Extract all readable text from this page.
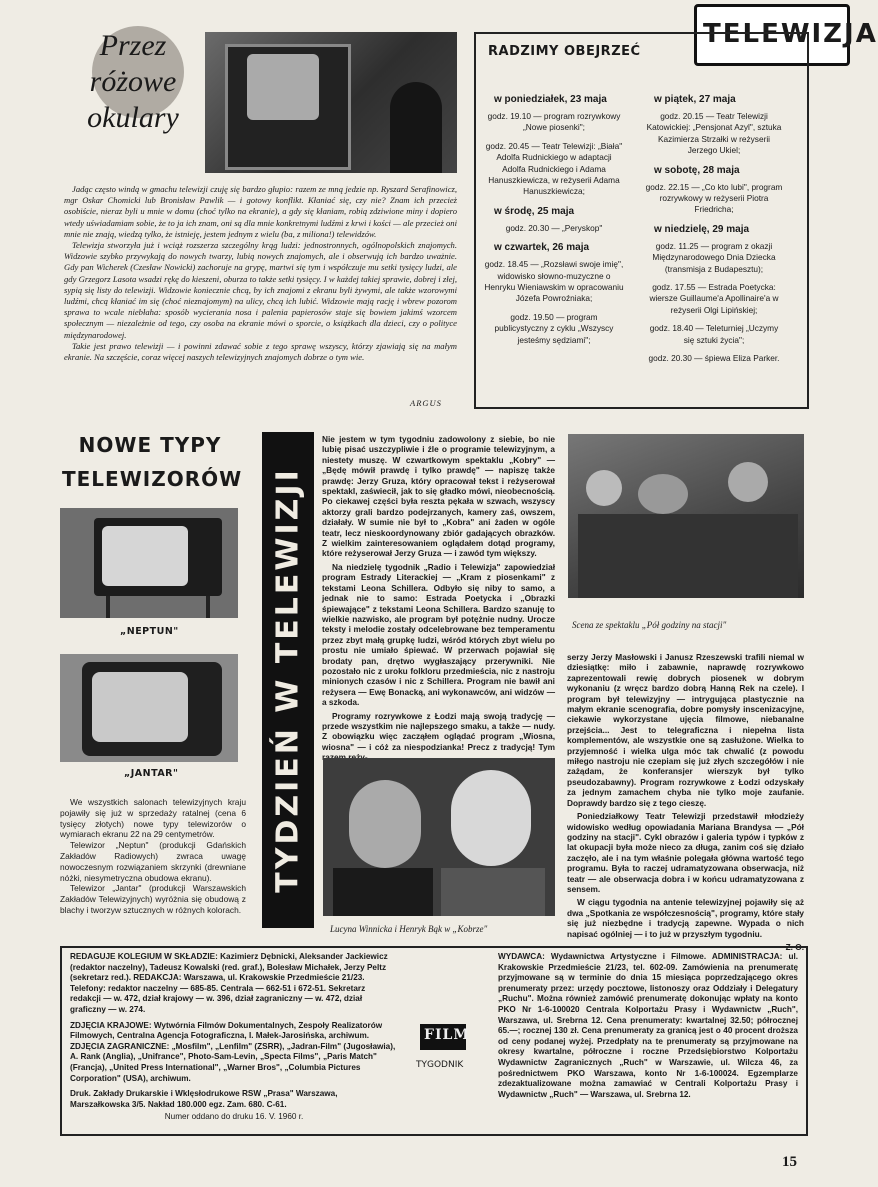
TELEWIZJA
Przez różowe okulary

Jadąc często windą w gmachu telewizji czuję się bardzo głupio: razem ze mną jedzie np. Ryszard Serafinowicz, mgr Oskar Chomicki lub Bronisław Pawlik — i gotowy konflikt. Kłaniać się, czy nie? Znam ich przecież osobiście, nieraz byli u mnie w domu (choć tylko na ekranie), a gdy się kłaniam, robią zdziwione miny i dopiero wtedy uświadamiam sobie, że to ja ich znam, oni są dla mnie konkretnymi ludźmi z krwi i kości — ale przecież oni mnie nie znają, wiedzą tylko, że istnieję, jestem jednym z wielu (ba, z miliona!) telewidzów.

Telewizja stworzyła już i wciąż rozszerza szczególny krąg ludzi: jednostronnych, ogólnopolskich znajomych. Widzowie szybko przywykają do nowych twarzy, lubią nowych znajomych, ale i obserwują ich bardzo uważnie. Gdy pan Wicherek (Czesław Nowicki) zachoruje na grypę, martwi się tym i współczuje mu setki tysięcy ludzi, ale gdy Grzegorz Lasota wsadzi rękę do kieszeni, oburza to także setki tysięcy. I w każdej takiej sprawie, dobrej i złej, sypią się listy do telewizji. Widzowie koniecznie chcą, by ich znajomi z ekranu byli żywymi, ale także wzorowymi ludźmi, chcą kłaniać im się (choć nieznajomym) na ulicy, chcą ich lubić. Widzowie mają rację i wbrew pozorom sprawa to wcale niebłaha: sposób wycierania nosa i palenia papierosów staje się bowiem jakimś wzorcem społecznym — niezależnie od tego, czy osoba na ekranie mówi o sporcie, o książkach dla dzieci, czy o polityce międzynarodowej.

Takie jest prawo telewizji — i powinni zdawać sobie z tego sprawę wszyscy, którzy zjawiają się na małym ekranie. Na szczęście, coraz więcej naszych telewizyjnych znajomych dobrze o tym wie.

ARGUS
RADZIMY OBEJRZEĆ
w poniedziałek, 23 maja
godz. 19.10 — program rozrywkowy „Nowe piosenki";
godz. 20.45 — Teatr Telewizji: „Biała" Adolfa Rudnickiego w adaptacji Adolfa Rudnickiego i Adama Hanuszkiewicza, w reżyserii Adama Hanuszkiewicza;
w środę, 25 maja
godz. 20.30 — „Peryskop"
w czwartek, 26 maja
godz. 18.45 — „Rozsławi swoje imię", widowisko słowno-muzyczne o Henryku Wieniawskim w opracowaniu Józefa Powroźniaka;
godz. 19.50 — program publicystyczny z cyklu „Wszyscy jesteśmy sędziami";
w piątek, 27 maja
godz. 20.15 — Teatr Telewizji Katowickiej: „Pensjonat Azyl", sztuka Kazimierza Strzałki w reżyserii Jerzego Ukiel;
w sobotę, 28 maja
godz. 22.15 — „Co kto lubi", program rozrywkowy w reżyserii Piotra Friedricha;
w niedzielę, 29 maja
godz. 11.25 — program z okazji Międzynarodowego Dnia Dziecka (transmisja z Budapesztu);
godz. 17.55 — Estrada Poetycka: wiersze Guillaume'a Apollinaire'a w reżyserii Olgi Lipińskiej;
godz. 18.40 — Teleturniej „Uczymy się sztuki życia";
godz. 20.30 — śpiewa Eliza Parker.
NOWE TYPY
TELEWIZORÓW
„NEPTUN"
„JANTAR"

We wszystkich salonach telewizyjnych kraju pojawiły się już w sprzedaży ratalnej (cena 6 tysięcy złotych) nowe typy telewizorów o wymiarach ekranu 22 na 29 centymetrów.

Telewizor „Neptun" (produkcji Gdańskich Zakładów Radiowych) zwraca uwagę nowoczesnym rozwiązaniem skrzynki (drewniane nóżki, niesymetryczna obudowa ekranu).

Telewizor „Jantar" (produkcji Warszawskich Zakładów Telewizyjnych) wyróżnia się obudową z blachy i tworzyw sztucznych w różnych kolorach.

TYDZIEŃ W TELEWIZJI

Nie jestem w tym tygodniu zadowolony z siebie, bo nie lubię pisać uszczypliwie i źle o programie telewizyjnym, a niestety muszę. W czwartkowym spektaklu „Kobry" — „Będę mówił prawdę i tylko prawdę" — napiszę także prawdę: Jerzy Gruza, który opracował tekst i reżyserował spektakl, zaświecił, jak to się gładko mówi, nieobecnością. Po ciekawej części była reszta pękała w szwach, wszyscy aktorzy grali bardzo podejrzanych, kamery zaś, owszem, działały. W sumie nie był to „Kobra" ani żaden w ogóle teatr, lecz nieskoordynowany zbiór gadających obrazków. Z wielkim zainteresowaniem oglądałem dotąd programy, które reżyserował Jerzy Gruza — i zawód tym większy.

Na niedzielę tygodnik „Radio i Telewizja" zapowiedział program Estrady Literackiej — „Kram z piosenkami" z tekstami Leona Schillera. Odbyło się niby to samo, a jednak nie to samo: Estrada Poetycka i „Obrazki śpiewające" z tekstami Leona Schillera. Bardzo szanuję to wielkie nazwisko, ale program był potężnie nudny. Urocze teksty i melodie zostały odcelebrowane bez temperamentu przez zbyt małą grupkę ludzi, wśród których zbyt wielu po prostu nie umiało śpiewać. W przerwach pojawiał się brodaty pan, drętwo wygłaszający przerywniki. Nie pozostało nic z uroku folkloru przedmieścia, nic z nastroju minionych czasów i nic z Schillera. Program nie bawił ani reżysera — Ewę Bonacką, ani wykonawców, ani widzów — a szkoda.

Programy rozrywkowe z Łodzi mają swoją tradycję — przede wszystkim nie najlepszego smaku, a także — nudy. Z obowiązku więc zacząłem oglądać program „Wiosna, wiosna" — i cóż za niespodzianka! Precz z tradycją! Tym

Scena ze spektaklu „Pół godziny na stacji"

serzy Jerzy Masłowski i Janusz Rzeszewski trafili niemal w dziesiątkę: miło i zabawnie, naprawdę rozrywkowo zaprezentowali rewię dobrych piosenek w dobrym wykonaniu (z wręcz bardzo dobrą Hanną Rek na czele). I program był telewizyjny — intrygująca plastycznie na małym ekranie scenografia, dobre pomysły inscenizacyjne, ciekawie wykorzystane ujęcia filmowe, niebanalne przejścia... Jest to telegraficzna i niepełna lista komplementów, ale wszystkie one są zasłużone. Wielka to przyjemność i wielka ulga móc tak chwalić (z powodu miłego nastroju nie czepiam się już złych szczegółów i nie zażądam, że konferansjer wierszyk był tylko pseudozabawny). Program rozrywkowe z Łodzi odzyskały za jednym zamachem chyba nie tylko moje zaufanie. Doprawdy bardzo się z tego cieszę.

Poniedziałkowy Teatr Telewizji przedstawił młodzieży widowisko według opowiadania Mariana Brandysa — „Pół godziny na stacji". Cykl obrazów i galeria typów i typków z lat okupacji była może nieco za długa, zanim coś się działo zaczęło, ale i na tym właśnie polegała główna wartość tego programu. Była to raczej udramatyzowana obserwacja, niż teatr — ale obserwacja dobra i w końcu udramatyzowana z sensem.

W ciągu tygodnia na antenie telewizyjnej pojawiły się aż dwa „Spotkania ze współczesnością", programy, które stały się już niezbędne i tradycją zapewne. Wypada o nich napisać ogólniej — i to już w przyszłym tygodniu.

Z. O.

Lucyna Winnicka i Henryk Bąk w „Kobrze"

REDAGUJE KOLEGIUM W SKŁADZIE: Kazimierz Dębnicki, Aleksander Jackiewicz (redaktor naczelny), Tadeusz Kowalski (red. graf.), Bolesław Michałek, Jerzy Peltz (sekretarz red.). REDAKCJA: Warszawa, ul. Krakowskie Przedmieście 21/23. Telefony: redaktor naczelny — 685-85. Centrala — 662-51 i 672-51. Sekretarz redakcji — w. 472, dział krajowy — w. 396, dział zagraniczny — w. 472, dział graficzny — w. 274.

ZDJĘCIA KRAJOWE: Wytwórnia Filmów Dokumentalnych, Zespoły Realizatorów Filmowych, Centralna Agencja Fotograficzna, I. Małek-Jarosińska, archiwum. ZDJĘCIA ZAGRANICZNE: „Mosfilm", „Lenfilm" (ZSRR), „Jadran-Film" (Jugosławia), A. Rank (Anglia), „Unifrance", Photo-Sam-Levin, „Specta Films", „Paris Match" (Francja), „United Press International", „Warner Bros", „Columbia Pictures Corporation" (USA), archiwum.

Druk. Zakłady Drukarskie i Wklęsłodrukowe RSW „Prasa" Warszawa, Marszałkowska 3/5. Nakład 180.000 egz. Zam. 680. C-61.

Numer oddano do druku 16. V. 1960 r.

FILM
TYGODNIK

WYDAWCA: Wydawnictwa Artystyczne i Filmowe. ADMINISTRACJA: ul. Krakowskie Przedmieście 21/23, tel. 602-09. Zamówienia na prenumeratę przyjmowane są w terminie do dnia 15 miesiąca poprzedzającego okres prenumeraty przez: urzędy pocztowe, listonoszy oraz Oddziały i Delegatury „Ruchu". Można również zamówić prenumeratę dokonując wpłaty na konto PKO Nr 1-6-100020 Centrala Kolportażu Prasy i Wydawnictw „Ruch", Warszawa, ul. Srebrna 12. Cena prenumeraty: kwartalnej 32.50; półrocznej 65.—; rocznej 130 zł. Cena prenumeraty za granicą jest o 40 procent droższa od ceny podanej wyżej. Przedpłaty na te prenumeraty są przyjmowane na okresy kwartalne, półroczne i roczne Przedsiębiorstwo Kolportażu Wydawnictw Zagranicznych „Ruch" w Warszawie, ul. Wilcza 46, za pośrednictwem PKO Warszawa, konto Nr 1-6-100024. Egzemplarze zdezaktualizowane można zamawiać w Centrali Kolportażu Prasy i Wydawnictw „Ruch" — Warszawa, ul. Srebrna 12.

15
